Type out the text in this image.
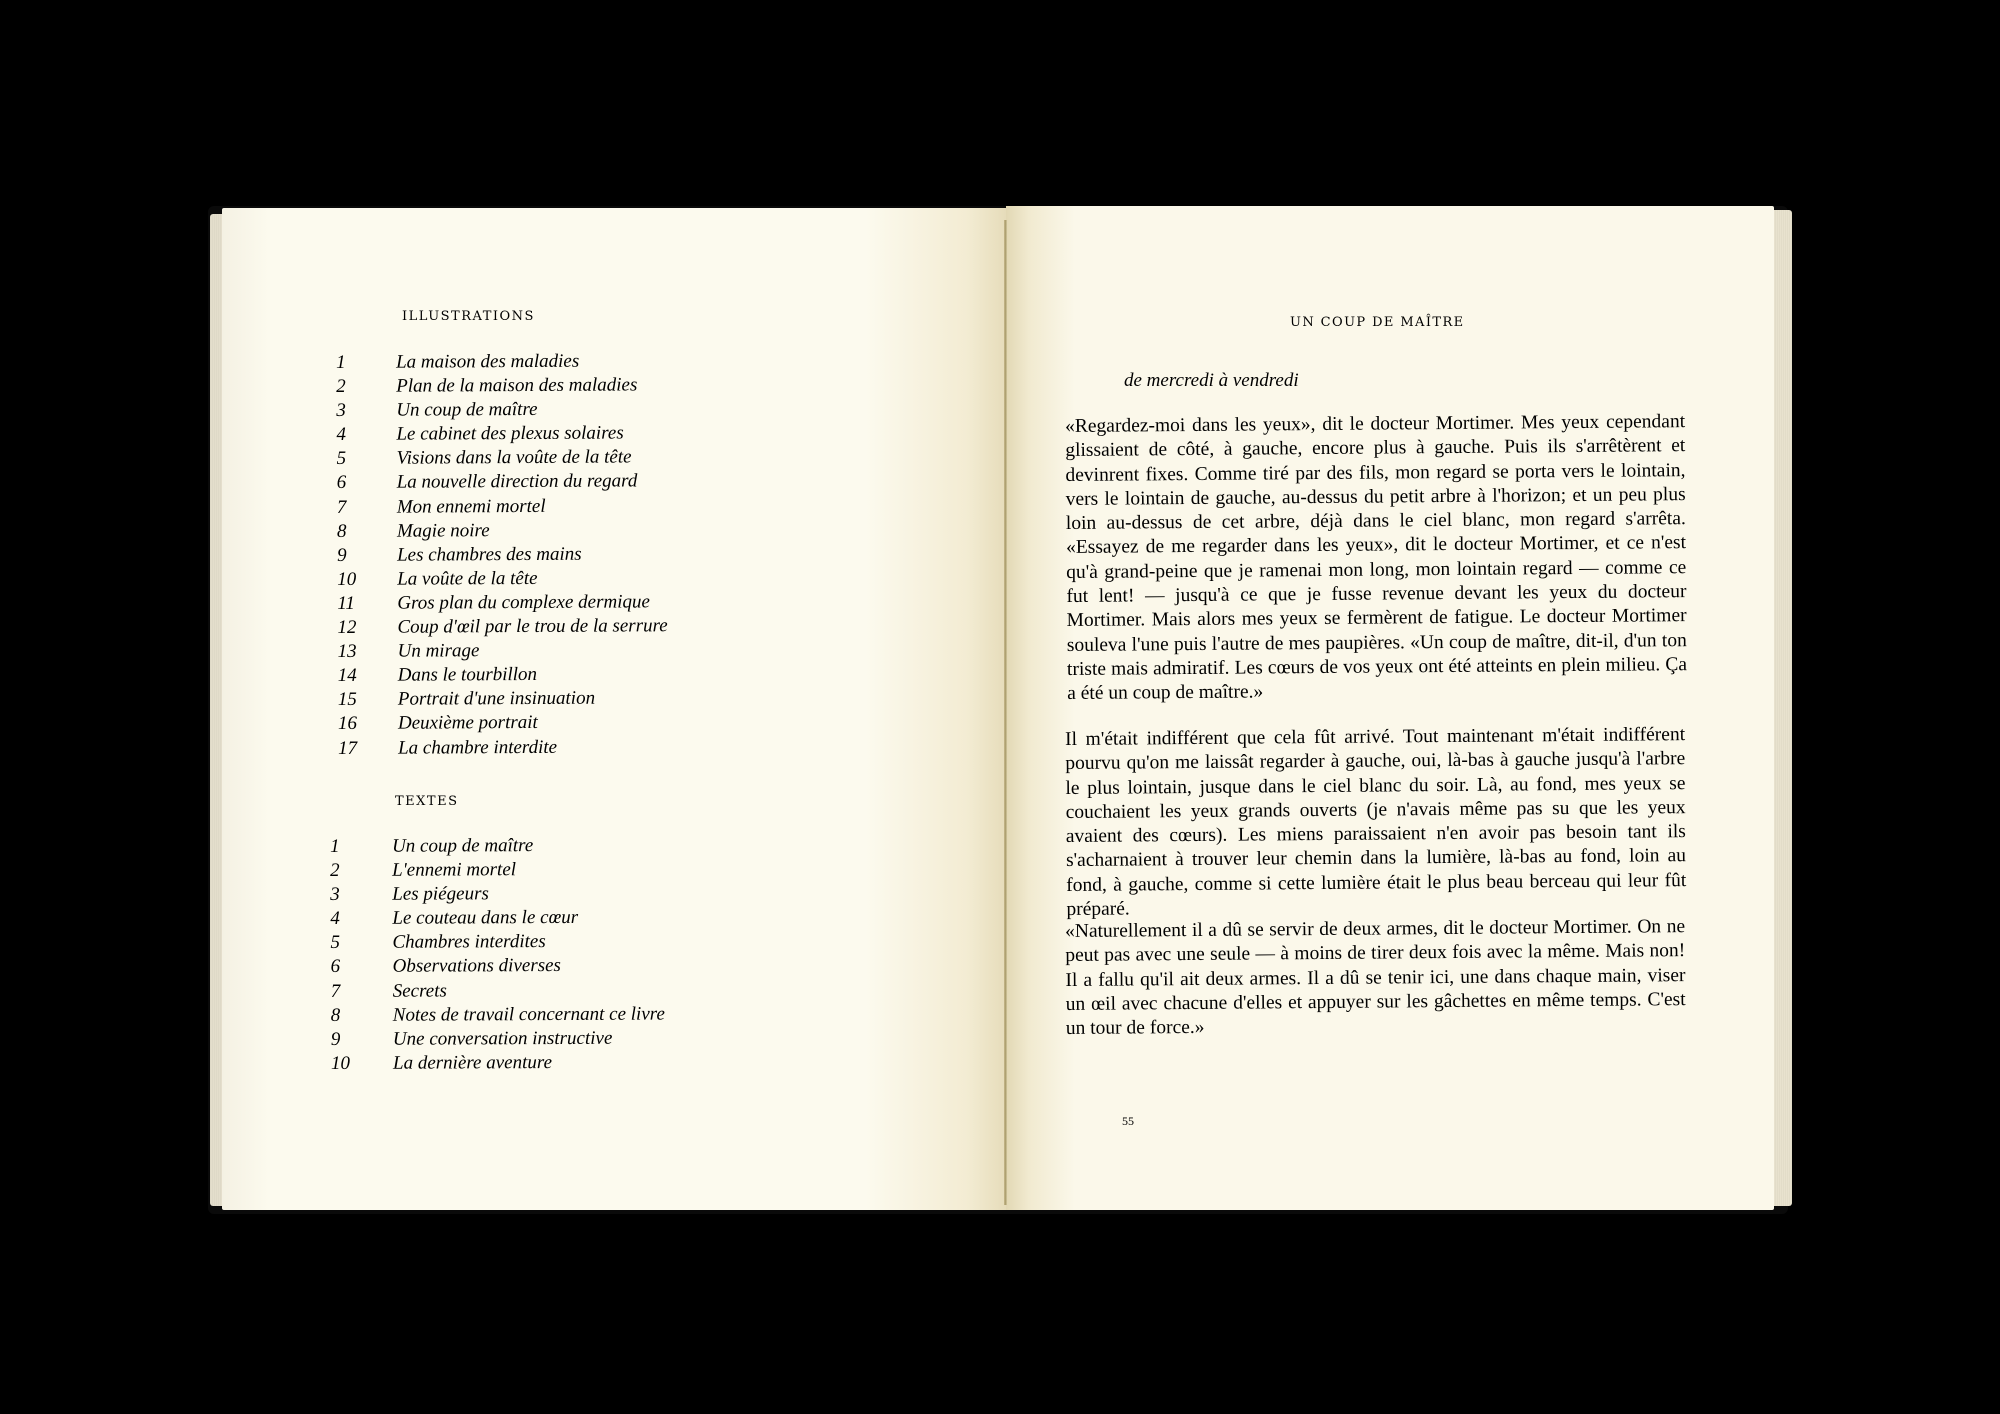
ILLUSTRATIONS
1	La maison des maladies
2	Plan de la maison des maladies
3	Un coup de maître
4	Le cabinet des plexus solaires
5	Visions dans la voûte de la tête
6	La nouvelle direction du regard
7	Mon ennemi mortel
8	Magie noire
9	Les chambres des mains
10	La voûte de la tête
11	Gros plan du complexe dermique
12	Coup d'œil par le trou de la serrure
13	Un mirage
14	Dans le tourbillon
15	Portrait d'une insinuation
16	Deuxième portrait
17	La chambre interdite
TEXTES
1	Un coup de maître
2	L'ennemi mortel
3	Les piégeurs
4	Le couteau dans le cœur
5	Chambres interdites
6	Observations diverses
7	Secrets
8	Notes de travail concernant ce livre
9	Une conversation instructive
10	La dernière aventure
UN COUP DE MAÎTRE
de mercredi à vendredi

«Regardez-moi dans les yeux», dit le docteur Mortimer. Mes yeux cependant glissaient de côté, à gauche, encore plus à gauche. Puis ils s'arrêtèrent et devinrent fixes. Comme tiré par des fils, mon regard se porta vers le lointain, vers le lointain de gauche, au-dessus du petit arbre à l'horizon; et un peu plus loin au-dessus de cet arbre, déjà dans le ciel blanc, mon regard s'arrêta. «Essayez de me regarder dans les yeux», dit le docteur Mortimer, et ce n'est qu'à grand-peine que je ramenai mon long, mon lointain regard — comme ce fut lent! — jusqu'à ce que je fusse revenue devant les yeux du docteur Mortimer. Mais alors mes yeux se fermèrent de fatigue. Le docteur Mortimer souleva l'une puis l'autre de mes paupières. «Un coup de maître, dit-il, d'un ton triste mais admiratif. Les cœurs de vos yeux ont été atteints en plein milieu. Ça a été un coup de maître.»

Il m'était indifférent que cela fût arrivé. Tout maintenant m'était indifférent pourvu qu'on me laissât regarder à gauche, oui, là-bas à gauche jusqu'à l'arbre le plus lointain, jusque dans le ciel blanc du soir. Là, au fond, mes yeux se couchaient les yeux grands ouverts (je n'avais même pas su que les yeux avaient des cœurs). Les miens paraissaient n'en avoir pas besoin tant ils s'acharnaient à trouver leur chemin dans la lumière, là-bas au fond, loin au fond, à gauche, comme si cette lumière était le plus beau berceau qui leur fût préparé.

«Naturellement il a dû se servir de deux armes, dit le docteur Mortimer. On ne peut pas avec une seule — à moins de tirer deux fois avec la même. Mais non! Il a fallu qu'il ait deux armes. Il a dû se tenir ici, une dans chaque main, viser un œil avec chacune d'elles et appuyer sur les gâchettes en même temps. C'est un tour de force.»

55
